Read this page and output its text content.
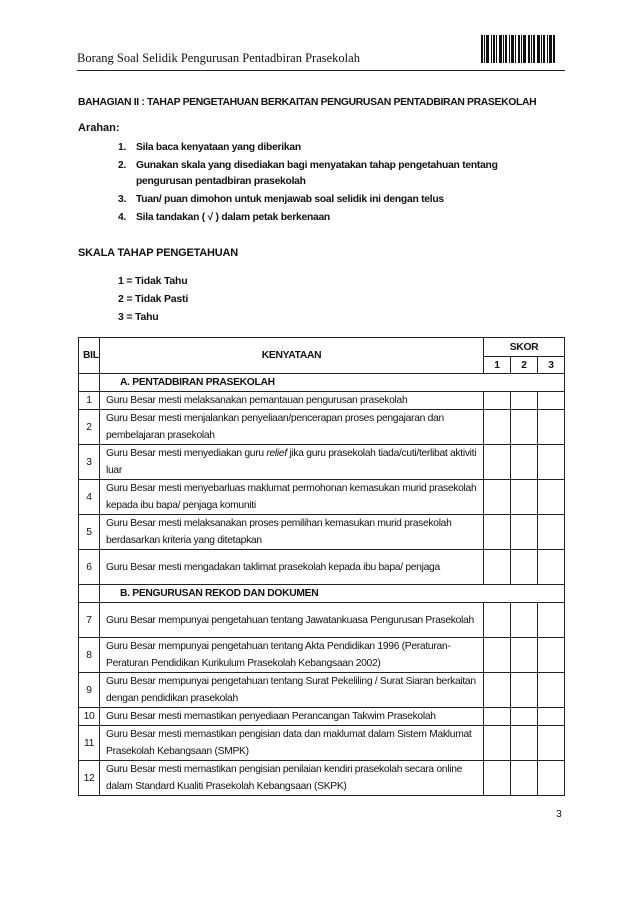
Borang Soal Selidik Pengurusan Pentadbiran Prasekolah
BAHAGIAN II : TAHAP PENGETAHUAN BERKAITAN PENGURUSAN PENTADBIRAN PRASEKOLAH
Arahan:
1. Sila baca kenyataan yang diberikan
2. Gunakan skala yang disediakan bagi menyatakan tahap pengetahuan tentang pengurusan pentadbiran prasekolah
3. Tuan/ puan dimohon untuk menjawab soal selidik ini dengan telus
4. Sila tandakan ( √ ) dalam petak berkenaan
SKALA TAHAP PENGETAHUAN
1 = Tidak Tahu
2 = Tidak Pasti
3 = Tahu
BIL	KENYATAAN	SKOR		
		1	2	3
	A. PENTADBIRAN PRASEKOLAH			
1	Guru Besar mesti melaksanakan pemantauan pengurusan prasekolah			
2	Guru Besar mesti menjalankan penyeliaan/pencerapan proses pengajaran dan pembelajaran prasekolah			
3	Guru Besar mesti menyediakan guru relief jika guru prasekolah tiada/cuti/terlibat aktiviti luar			
4	Guru Besar mesti menyebarluas maklumat permohonan kemasukan murid prasekolah kepada ibu bapa/ penjaga komuniti			
5	Guru Besar mesti melaksanakan proses pemilihan kemasukan murid prasekolah berdasarkan kriteria yang ditetapkan			
6	Guru Besar mesti mengadakan taklimat prasekolah kepada ibu bapa/ penjaga			
	B. PENGURUSAN REKOD DAN DOKUMEN			
7	Guru Besar mempunyai pengetahuan tentang Jawatankuasa Pengurusan Prasekolah			
8	Guru Besar mempunyai pengetahuan tentang Akta Pendidikan 1996 (Peraturan-Peraturan Pendidikan Kurikulum Prasekolah Kebangsaan 2002)			
9	Guru Besar mempunyai pengetahuan tentang Surat Pekeliling / Surat Siaran berkaitan dengan pendidikan prasekolah			
10	Guru Besar mesti memastikan penyediaan Perancangan Takwim Prasekolah			
11	Guru Besar mesti memastikan pengisian data dan maklumat dalam Sistem Maklumat Prasekolah Kebangsaan (SMPK)			
12	Guru Besar mesti memastikan pengisian penilaian kendiri prasekolah secara online dalam Standard Kualiti Prasekolah Kebangsaan (SKPK)			
3
